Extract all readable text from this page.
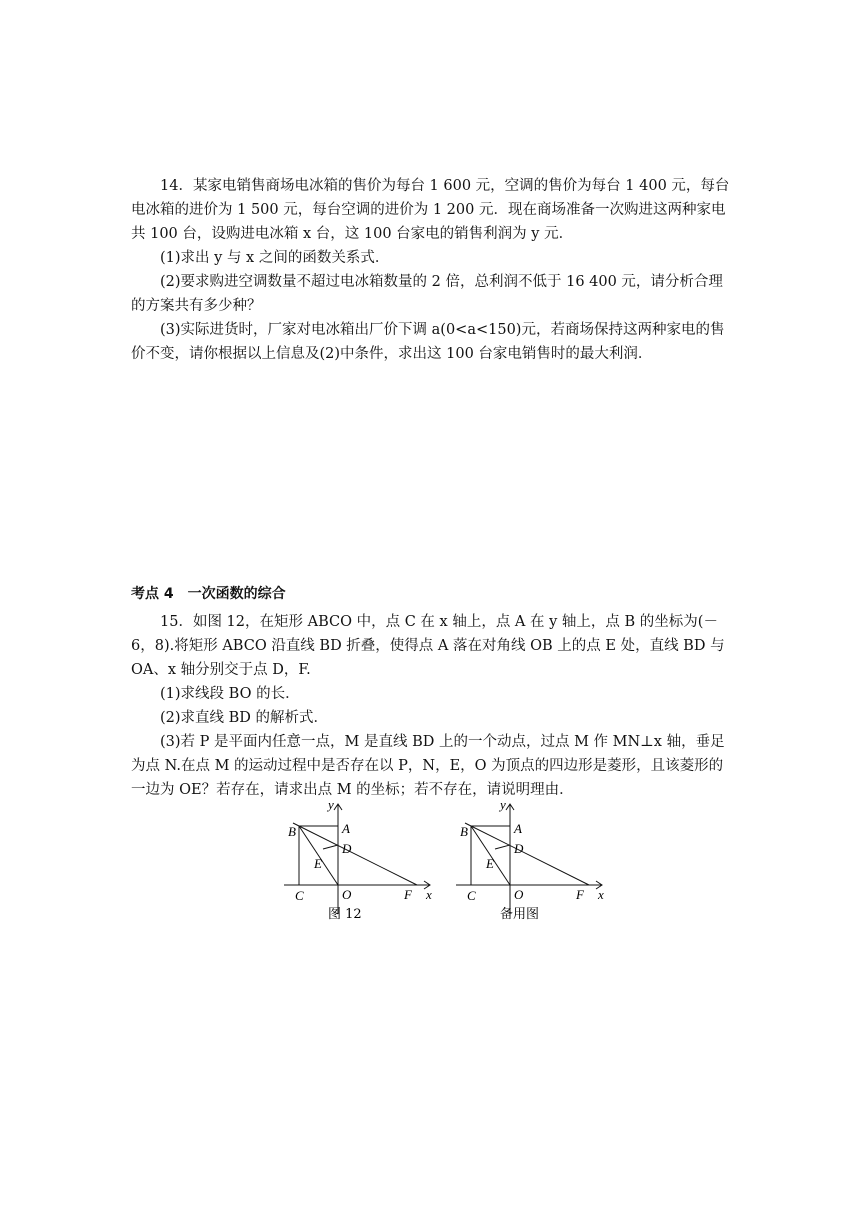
14．某家电销售商场电冰箱的售价为每台 1 600 元，空调的售价为每台 1 400 元，每台电冰箱的进价为 1 500 元，每台空调的进价为 1 200 元．现在商场准备一次购进这两种家电共 100 台，设购进电冰箱 x 台，这 100 台家电的销售利润为 y 元．

(1)求出 y 与 x 之间的函数关系式．

(2)要求购进空调数量不超过电冰箱数量的 2 倍，总利润不低于 16 400 元，请分析合理的方案共有多少种？

(3)实际进货时，厂家对电冰箱出厂价下调 a(0<a<150)元，若商场保持这两种家电的售价不变，请你根据以上信息及(2)中条件，求出这 100 台家电销售时的最大利润．

考点 4　一次函数的综合

15．如图 12，在矩形 ABCO 中，点 C 在 x 轴上，点 A 在 y 轴上，点 B 的坐标为(－6，8).将矩形 ABCO 沿直线 BD 折叠，使得点 A 落在对角线 OB 上的点 E 处，直线 BD 与 OA、x 轴分别交于点 D，F.

(1)求线段 BO 的长．

(2)求直线 BD 的解析式．

(3)若 P 是平面内任意一点，M 是直线 BD 上的一个动点，过点 M 作 MN⊥x 轴，垂足为点 N.在点 M 的运动过程中是否存在以 P，N，E，O 为顶点的四边形是菱形，且该菱形的一边为 OE？若存在，请求出点 M 的坐标；若不存在，请说明理由．

y
x
A
B
C
D
E
O	F
图 12
y
x
A
B
C
D
E
O	F
备用图
